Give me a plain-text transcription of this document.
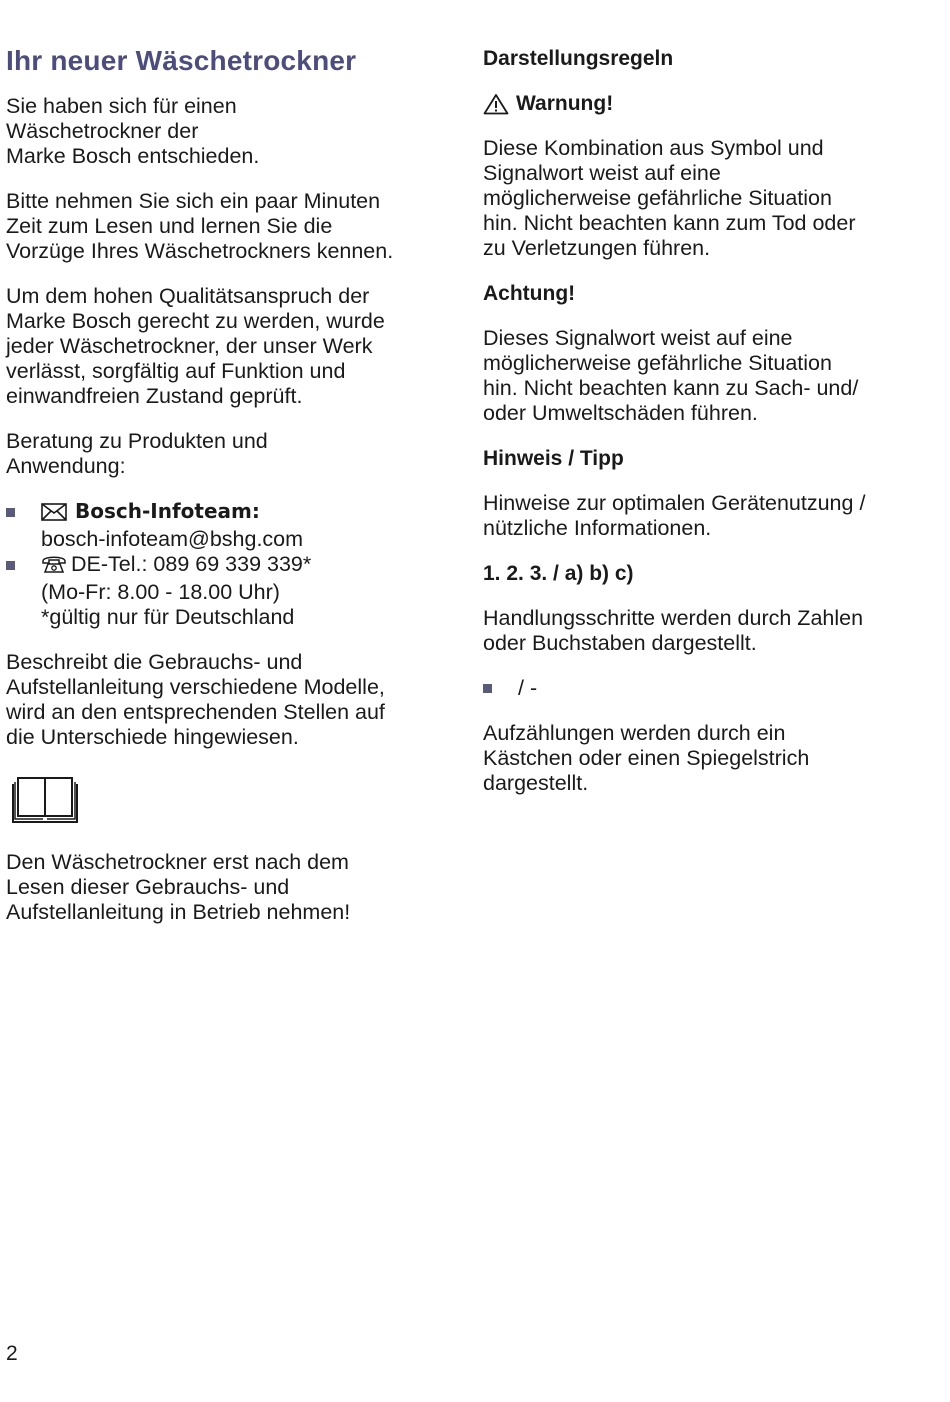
Ihr neuer Wäschetrockner

Sie haben sich für einen
Wäschetrockner der
Marke Bosch entschieden.

Bitte nehmen Sie sich ein paar Minuten
Zeit zum Lesen und lernen Sie die
Vorzüge Ihres Wäschetrockners kennen.

Um dem hohen Qualitätsanspruch der
Marke Bosch gerecht zu werden, wurde
jeder Wäschetrockner, der unser Werk
verlässt, sorgfältig auf Funktion und
einwandfreien Zustand geprüft.

Beratung zu Produkten und
Anwendung:

Bosch-Infoteam:
bosch-infoteam@bshg.com
DE-Tel.: 089 69 339 339*
(Mo-Fr: 8.00 - 18.00 Uhr)
*gültig nur für Deutschland

Beschreibt die Gebrauchs- und
Aufstellanleitung verschiedene Modelle,
wird an den entsprechenden Stellen auf
die Unterschiede hingewiesen.

Den Wäschetrockner erst nach dem
Lesen dieser Gebrauchs- und
Aufstellanleitung in Betrieb nehmen!

Darstellungsregeln
Warnung!

Diese Kombination aus Symbol und
Signalwort weist auf eine
möglicherweise gefährliche Situation
hin. Nicht beachten kann zum Tod oder
zu Verletzungen führen.

Achtung!

Dieses Signalwort weist auf eine
möglicherweise gefährliche Situation
hin. Nicht beachten kann zu Sach- und/
oder Umweltschäden führen.

Hinweis / Tipp

Hinweise zur optimalen Gerätenutzung /
nützliche Informationen.

1. 2. 3. / a) b) c)

Handlungsschritte werden durch Zahlen
oder Buchstaben dargestellt.

/ -

Aufzählungen werden durch ein
Kästchen oder einen Spiegelstrich
dargestellt.

2
